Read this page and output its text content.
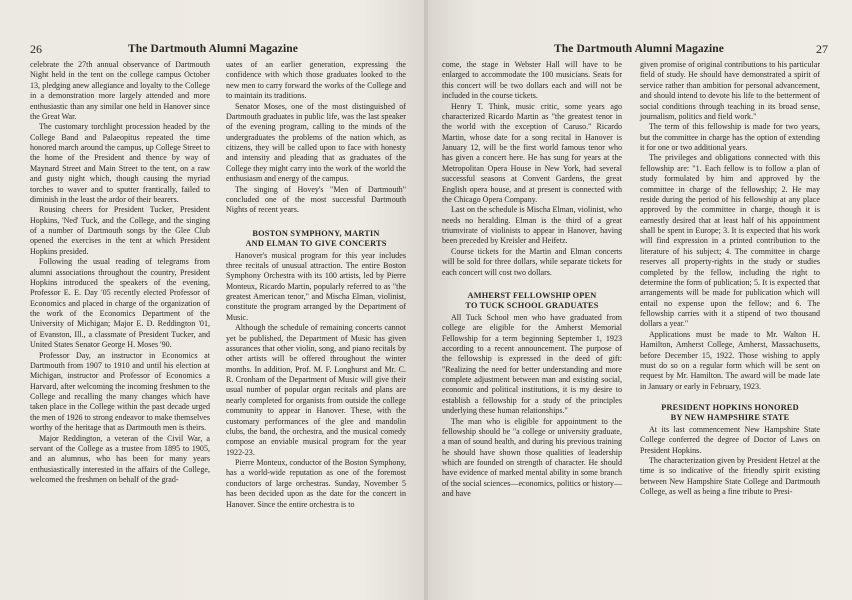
26	The Dartmouth Alumni Magazine

celebrate the 27th annual observance of Dartmouth Night held in the tent on the college campus October 13, pledging anew allegiance and loyalty to the College in a demonstration more largely attended and more enthusiastic than any similar one held in Hanover since the Great War.

The customary torchlight procession headed by the College Band and Palaeopitus repeated the time honored march around the campus, up College Street to the home of the President and thence by way of Maynard Street and Main Street to the tent, on a raw and gusty night which, though causing the myriad torches to waver and to sputter frantically, failed to diminish in the least the ardor of their bearers.

Rousing cheers for President Tucker, President Hopkins, 'Ned' Tuck, and the College, and the singing of a number of Dartmouth songs by the Glee Club opened the exercises in the tent at which President Hopkins presided.

Following the usual reading of telegrams from alumni associations throughout the country, President Hopkins introduced the speakers of the evening, Professor E. E. Day '05 recently elected Professor of Economics and placed in charge of the organization of the work of the Economics Department of the University of Michigan; Major E. D. Reddington '01, of Evanston, Ill., a classmate of President Tucker, and United States Senator George H. Moses '90.

Professor Day, an instructor in Economics at Dartmouth from 1907 to 1910 and until his election at Michigan, instructor and Professor of Economics a Harvard, after welcoming the incoming freshmen to the College and recalling the many changes which have taken place in the College within the past decade urged the men of 1926 to strong endeavor to make themselves worthy of the heritage that as Dartmouth men is theirs.

Major Reddington, a veteran of the Civil War, a servant of the College as a trustee from 1895 to 1905, and an alumnus, who has been for many years enthusiastically interested in the affairs of the College, welcomed the freshmen on behalf of the grad-

uates of an earlier generation, expressing the confidence with which those graduates looked to the new men to carry forward the works of the College and to maintain its traditions.

Senator Moses, one of the most distinguished of Dartmouth graduates in public life, was the last speaker of the evening program, calling to the minds of the undergraduates the problems of the nation which, as citizens, they will be called upon to face with honesty and intensity and pleading that as graduates of the College they might carry into the work of the world the enthusiasm and energy of the campus.

The singing of Hovey's "Men of Dartmouth" concluded one of the most successful Dartmouth Nights of recent years.

BOSTON SYMPHONY, MARTIN
AND ELMAN TO GIVE CONCERTS

Hanover's musical program for this year includes three recitals of unusual attraction. The entire Boston Symphony Orchestra with its 100 artists, led by Pierre Monteux, Ricardo Martin, popularly referred to as "the greatest American tenor," and Mischa Elman, violinist, constitute the program arranged by the Department of Music.

Although the schedule of remaining concerts cannot yet be published, the Department of Music has given assurances that other violin, song, and piano recitals by other artists will be offered throughout the winter months. In addition, Prof. M. F. Longhurst and Mr. C. R. Cronham of the Department of Music will give their usual number of popular organ recitals and plans are nearly completed for organists from outside the college community to appear in Hanover. These, with the customary performances of the glee and mandolin clubs, the band, the orchestra, and the musical comedy compose an enviable musical program for the year 1922-23.

Pierre Monteux, conductor of the Boston Symphony, has a world-wide reputation as one of the foremost conductors of large orchestras. Sunday, November 5 has been decided upon as the date for the concert in Hanover. Since the entire orchestra is to

The Dartmouth Alumni Magazine	27

come, the stage in Webster Hall will have to be enlarged to accommodate the 100 musicians. Seats for this concert will be two dollars each and will not be included in the course tickets.

Henry T. Think, music critic, some years ago characterized Ricardo Martin as "the greatest tenor in the world with the exception of Caruso." Ricardo Martin, whose date for a song recital in Hanover is January 12, will be the first world famous tenor who has given a concert here. He has sung for years at the Metropolitan Opera House in New York, had several successful seasons at Convent Gardens, the great English opera house, and at present is connected with the Chicago Opera Company.

Last on the schedule is Mischa Elman, violinist, who needs no heralding. Elman is the third of a great triumvirate of violinists to appear in Hanover, having been preceded by Kreisler and Heifetz.

Course tickets for the Martin and Elman concerts will be sold for three dollars, while separate tickets for each concert will cost two dollars.

AMHERST FELLOWSHIP OPEN
TO TUCK SCHOOL GRADUATES

All Tuck School men who have graduated from college are eligible for the Amherst Memorial Fellowship for a term beginning September 1, 1923 according to a recent announcement. The purpose of the fellowship is expressed in the deed of gift: "Realizing the need for better understanding and more complete adjustment between man and existing social, economic and political institutions, it is my desire to establish a fellowship for a study of the principles underlying these human relationships."

The man who is eligible for appointment to the fellowship should be "a college or university graduate, a man of sound health, and during his previous training he should have shown those qualities of leadership which are founded on strength of character. He should have evidence of marked mental ability in some branch of the social sciences—economics, politics or history—and have

given promise of original contributions to his particular field of study. He should have demonstrated a spirit of service rather than ambition for personal advancement, and should intend to devote his life to the betterment of social conditions through teaching in its broad sense, journalism, politics and field work."

The term of this fellowship is made for two years, but the committee in charge has the option of extending it for one or two additional years.

The privileges and obligations connected with this fellowship are: "1. Each fellow is to follow a plan of study formulated by him and approved by the committee in charge of the fellowship; 2. He may reside during the period of his fellowship at any place approved by the committee in charge, though it is earnestly desired that at least half of his appointment shall be spent in Europe; 3. It is expected that his work will find expression in a printed contribution to the literature of his subject; 4. The committee in charge reserves all property-rights in the study or studies completed by the fellow, including the right to determine the form of publication; 5. It is expected that arrangements will be made for publication which will entail no expense upon the fellow; and 6. The fellowship carries with it a stipend of two thousand dollars a year."

Applications must be made to Mr. Walton H. Hamilton, Amherst College, Amherst, Massachusetts, before December 15, 1922. Those wishing to apply must do so on a regular form which will be sent on request by Mr. Hamilton. The award will be made late in January or early in February, 1923.

PRESIDENT HOPKINS HONORED
BY NEW HAMPSHIRE STATE

At its last commencement New Hampshire State College conferred the degree of Doctor of Laws on President Hopkins.

The characterization given by President Hetzel at the time is so indicative of the friendly spirit existing between New Hampshire State College and Dartmouth College, as well as being a fine tribute to Presi-
